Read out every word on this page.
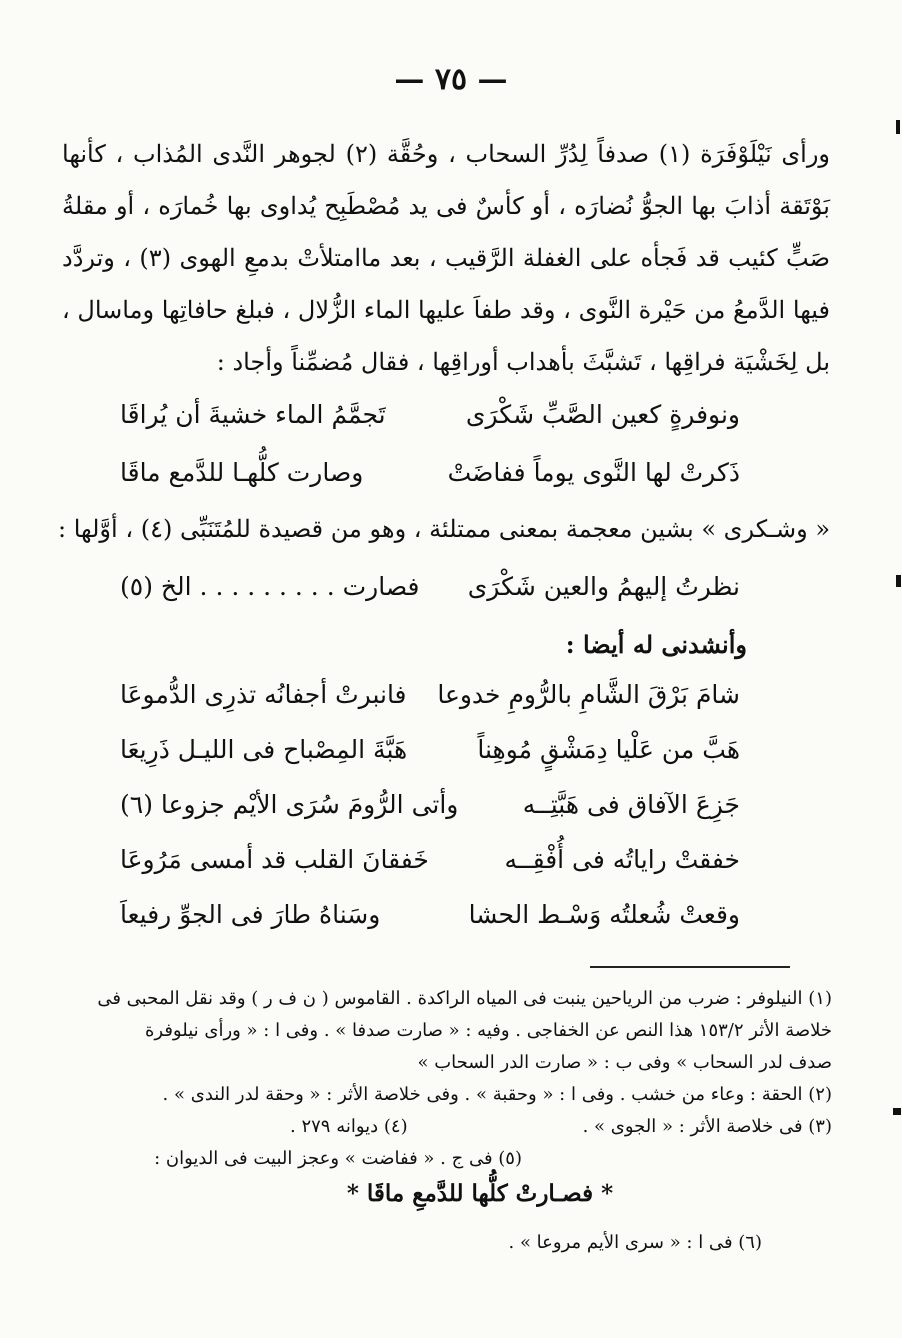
— ٧٥ —

ورأى نَيْلَوْفَرَة (١) صدفاً لِدُرِّ السحاب ، وحُقَّة (٢) لجوهر النَّدى المُذاب ، كأنها بَوْتَقة أذابَ بها الجوُّ نُضارَه ، أو كأسٌ فى يد مُصْطَبِح يُداوى بها خُمارَه ، أو مقلةُ صَبٍّ كئيب قد فَجأه على الغفلة الرَّقيب ، بعد ماامتلأتْ بدمعِ الهوى (٣) ، وتردَّد فيها الدَّمعُ من حَيْرة النَّوى ، وقد طفاَ عليها الماء الزُّلال ، فبلغ حافاتِها وماسال ، بل لِخَشْيَة فراقِها ، تَشبَّثَ بأهداب أوراقِها ، فقال مُضمِّناً وأجاد :

ونوفرةٍ كعين الصَّبِّ شَكْرَى
تَجمَّمُ الماء خشيةَ أن يُراقَا
ذَكرتْ لها النَّوى يوماً ففاضَتْ
وصارت كلُّهـا للدَّمع ماقَا
« وشـكرى » بشين معجمة بمعنى ممتلئة ، وهو من قصيدة للمُتَنَبِّى (٤) ، أوَّلها :
نظرتُ إليهمُ والعين شَكْرَى
فصارت . . . . . . . . . الخ (٥)
وأنشدنى له أيضا :
شامَ بَرْقَ الشَّامِ بالرُّومِ خدوعا
فانبرتْ أجفانُه تذرِى الدُّموعَا
هَبَّ من عَلْيا دِمَشْقٍ مُوهِناً
هَبَّةَ المِصْباح فى الليـل ذَرِيعَا
جَزِعَ الآفاق فى هَبَّتِــه
وأتى الرُّومَ سُرَى الأيْم جزوعا (٦)
خفقتْ راياتُه فى أُفْقِــه
خَفقانَ القلب قد أمسى مَرُوعَا
وقعتْ شُعلتُه وَسْـط الحشا
وسَناهُ طارَ فى الجوِّ رفيعاَ
(١) النيلوفر : ضرب من الرياحين ينبت فى المياه الراكدة . القاموس ( ن ف ر ) وقد نقل المحبى فى
خلاصة الأثر ١٥٣/٢ هذا النص عن الخفاجى . وفيه : « صارت صدفا » . وفى ا : « ورأى نيلوفرة
صدف لدر السحاب » وفى ب : « صارت الدر السحاب »
(٢) الحقة : وعاء من خشب . وفى ا : « وحقبة » . وفى خلاصة الأثر : « وحقة لدر الندى » .
(٣) فى خلاصة الأثر : « الجوى » .
(٤) ديوانه ٢٧٩ .
(٥) فى ج . « ففاضت » وعجز البيت فى الديوان :
* فصـارتْ كلُّها للدَّمعِ ماقَا *
(٦) فى ا : « سرى الأيم مروعا » .
